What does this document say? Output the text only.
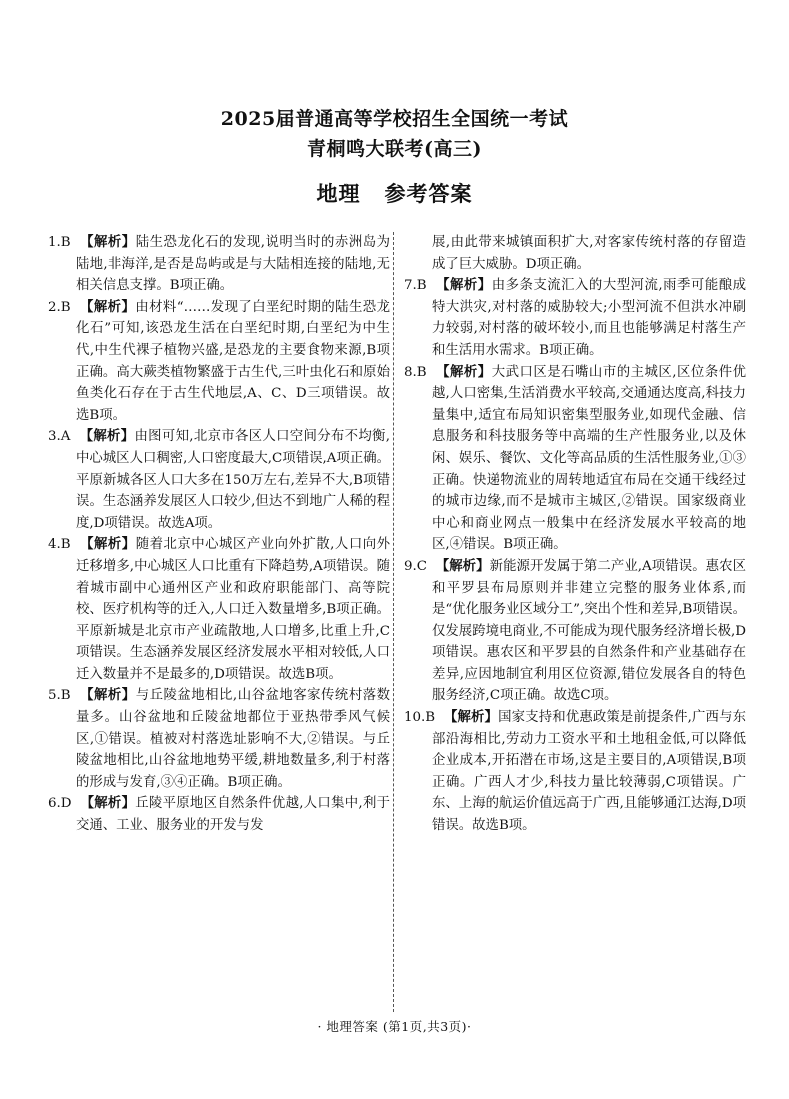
2025届普通高等学校招生全国统一考试
青桐鸣大联考(高三)
地理 参考答案

1.B 【解析】陆生恐龙化石的发现,说明当时的赤洲岛为陆地,非海洋,是否是岛屿或是与大陆相连接的陆地,无相关信息支撑。B项正确。

2.B 【解析】由材料“……发现了白垩纪时期的陆生恐龙化石”可知,该恐龙生活在白垩纪时期,白垩纪为中生代,中生代裸子植物兴盛,是恐龙的主要食物来源,B项正确。高大蕨类植物繁盛于古生代,三叶虫化石和原始鱼类化石存在于古生代地层,A、C、D三项错误。故选B项。

3.A 【解析】由图可知,北京市各区人口空间分布不均衡,中心城区人口稠密,人口密度最大,C项错误,A项正确。平原新城各区人口大多在150万左右,差异不大,B项错误。生态涵养发展区人口较少,但达不到地广人稀的程度,D项错误。故选A项。

4.B 【解析】随着北京中心城区产业向外扩散,人口向外迁移增多,中心城区人口比重有下降趋势,A项错误。随着城市副中心通州区产业和政府职能部门、高等院校、医疗机构等的迁入,人口迁入数量增多,B项正确。平原新城是北京市产业疏散地,人口增多,比重上升,C项错误。生态涵养发展区经济发展水平相对较低,人口迁入数量并不是最多的,D项错误。故选B项。

5.B 【解析】与丘陵盆地相比,山谷盆地客家传统村落数量多。山谷盆地和丘陵盆地都位于亚热带季风气候区,①错误。植被对村落选址影响不大,②错误。与丘陵盆地相比,山谷盆地地势平缓,耕地数量多,利于村落的形成与发育,③④正确。B项正确。

6.D 【解析】丘陵平原地区自然条件优越,人口集中,利于交通、工业、服务业的开发与发

展,由此带来城镇面积扩大,对客家传统村落的存留造成了巨大威胁。D项正确。

7.B 【解析】由多条支流汇入的大型河流,雨季可能酿成特大洪灾,对村落的威胁较大;小型河流不但洪水冲刷力较弱,对村落的破坏较小,而且也能够满足村落生产和生活用水需求。B项正确。

8.B 【解析】大武口区是石嘴山市的主城区,区位条件优越,人口密集,生活消费水平较高,交通通达度高,科技力量集中,适宜布局知识密集型服务业,如现代金融、信息服务和科技服务等中高端的生产性服务业,以及休闲、娱乐、餐饮、文化等高品质的生活性服务业,①③正确。快递物流业的周转地适宜布局在交通干线经过的城市边缘,而不是城市主城区,②错误。国家级商业中心和商业网点一般集中在经济发展水平较高的地区,④错误。B项正确。

9.C 【解析】新能源开发属于第二产业,A项错误。惠农区和平罗县布局原则并非建立完整的服务业体系,而是“优化服务业区域分工”,突出个性和差异,B项错误。仅发展跨境电商业,不可能成为现代服务经济增长极,D项错误。惠农区和平罗县的自然条件和产业基础存在差异,应因地制宜利用区位资源,错位发展各自的特色服务经济,C项正确。故选C项。

10.B 【解析】国家支持和优惠政策是前提条件,广西与东部沿海相比,劳动力工资水平和土地租金低,可以降低企业成本,开拓潜在市场,这是主要目的,A项错误,B项正确。广西人才少,科技力量比较薄弱,C项错误。广东、上海的航运价值远高于广西,且能够通江达海,D项错误。故选B项。

· 地理答案 (第1页,共3页)·
